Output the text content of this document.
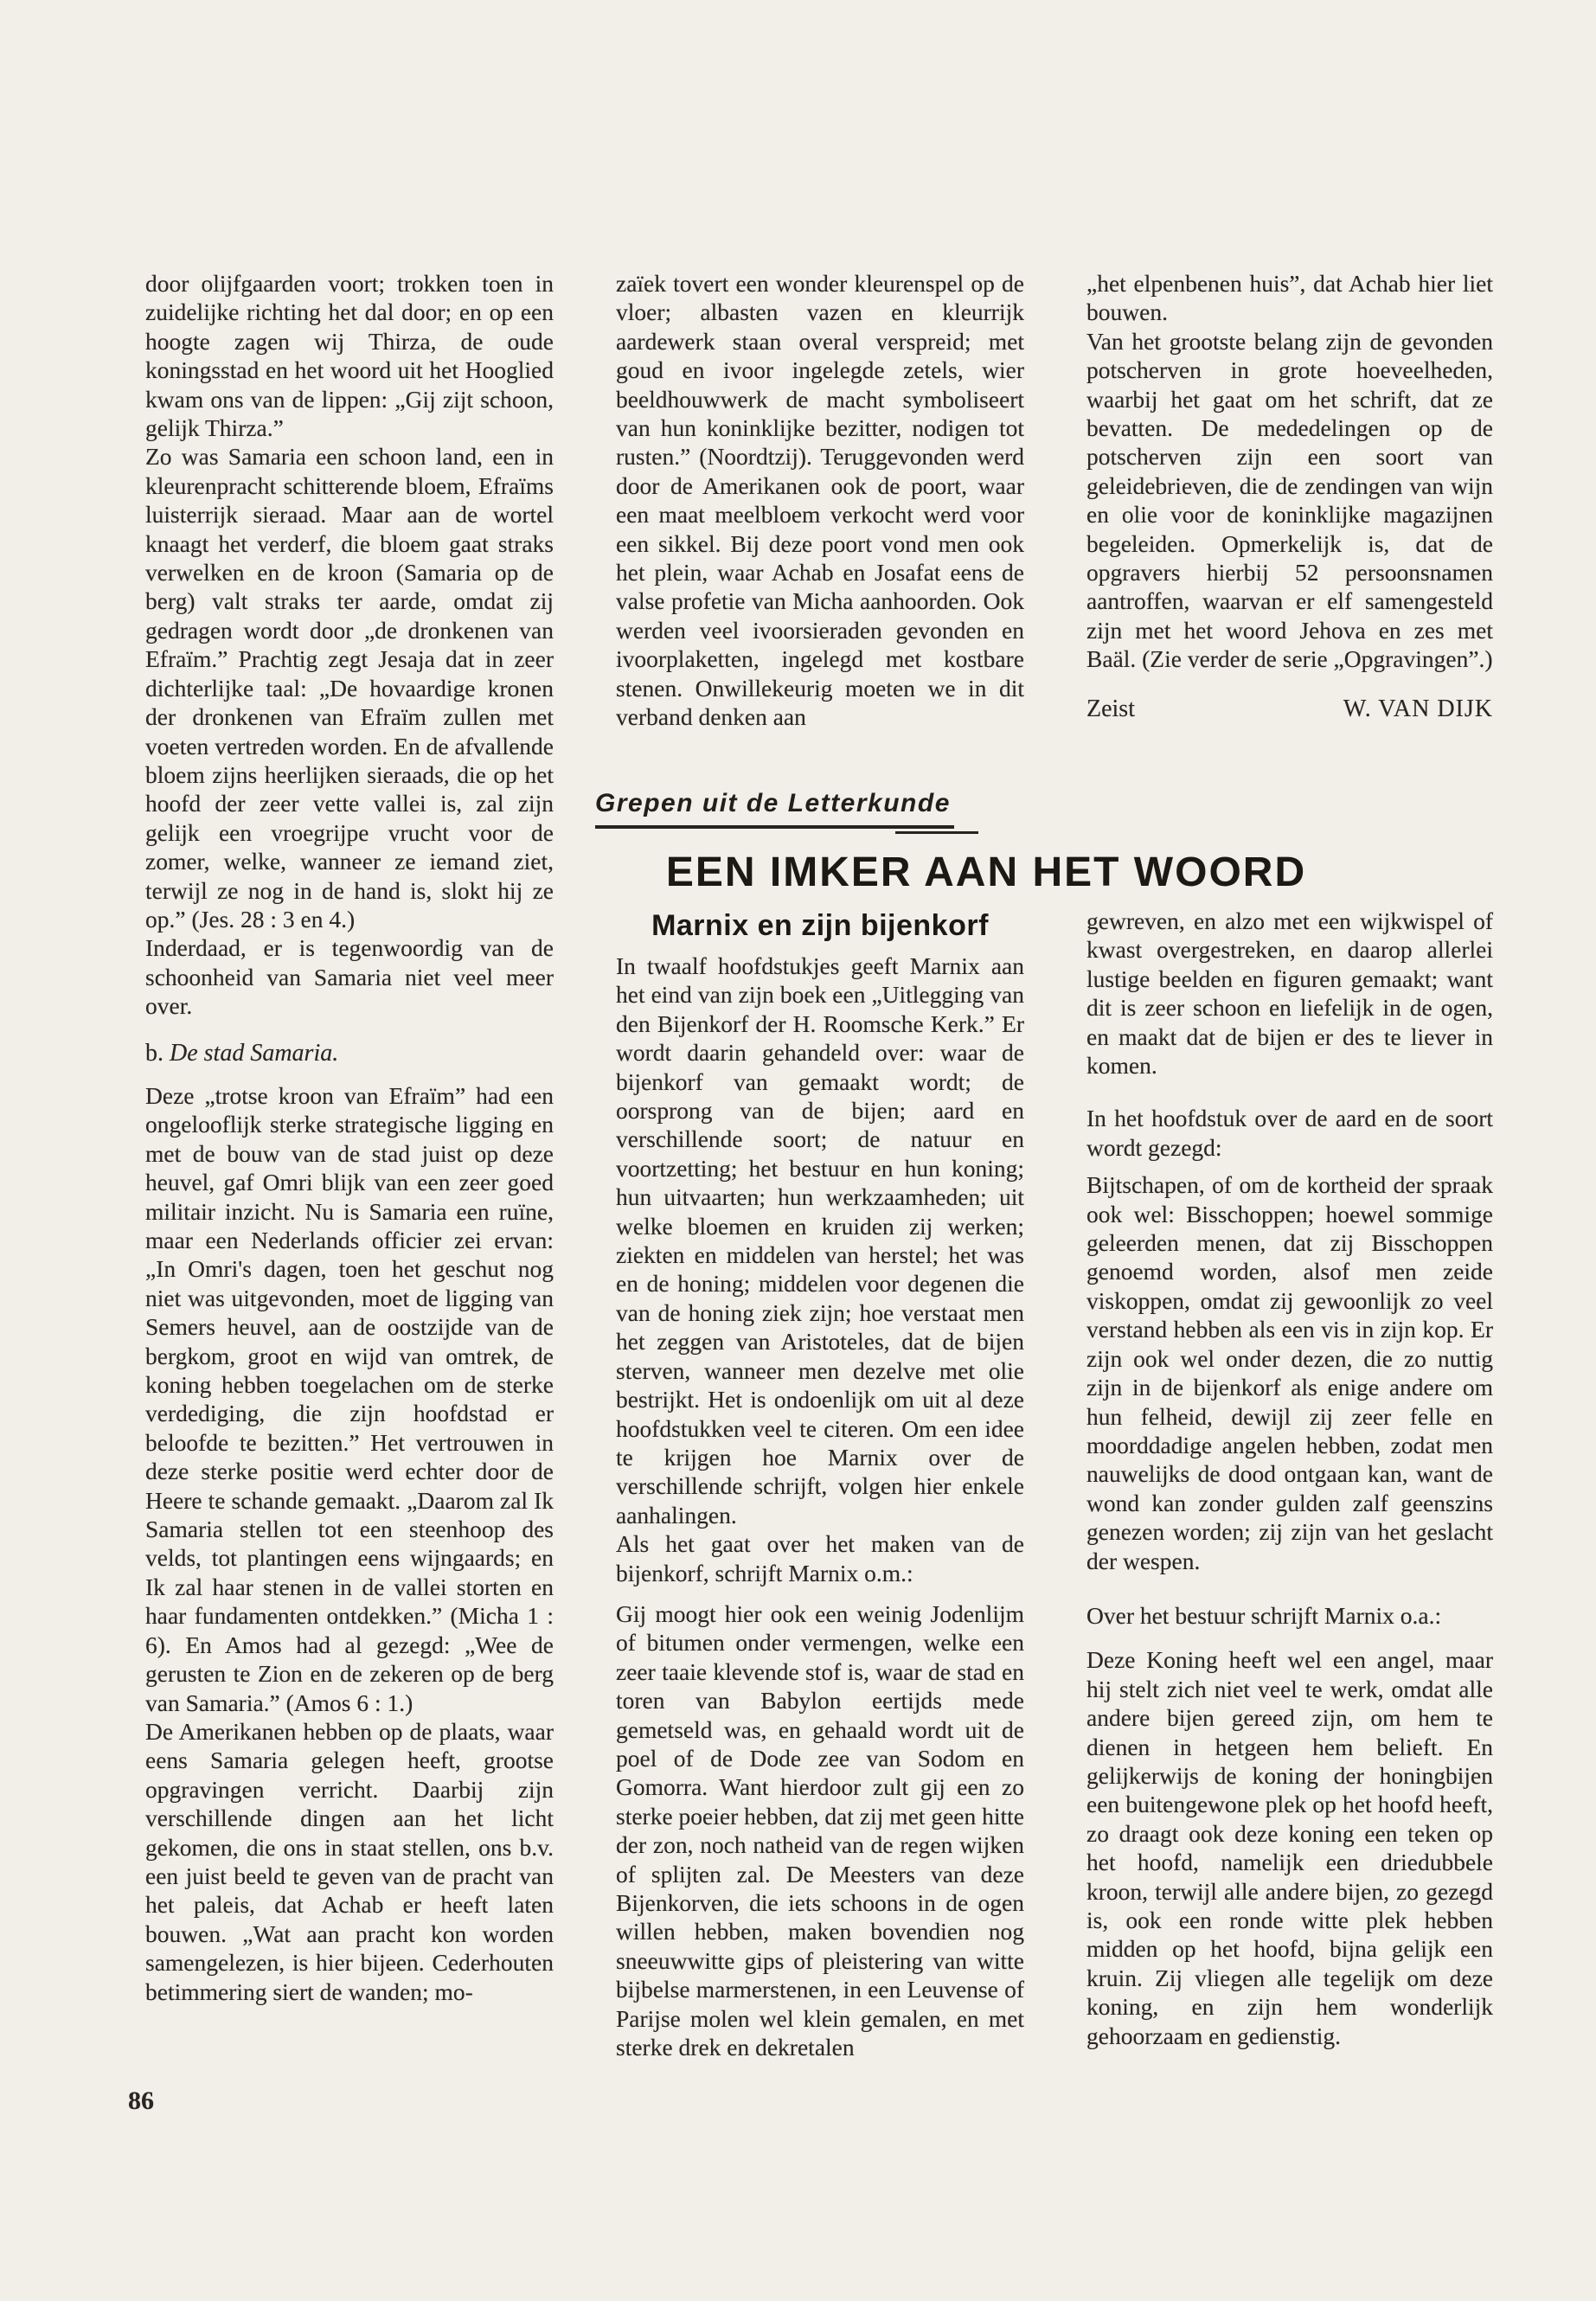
door olijfgaarden voort; trokken toen in zuidelijke richting het dal door; en op een hoogte zagen wij Thirza, de oude koningsstad en het woord uit het Hooglied kwam ons van de lippen: „Gij zijt schoon, gelijk Thirza.”

Zo was Samaria een schoon land, een in kleurenpracht schitterende bloem, Efraïms luisterrijk sieraad. Maar aan de wortel knaagt het verderf, die bloem gaat straks verwelken en de kroon (Samaria op de berg) valt straks ter aarde, omdat zij gedragen wordt door „de dronkenen van Efraïm.” Prachtig zegt Jesaja dat in zeer dichterlijke taal: „De hovaardige kronen der dronkenen van Efraïm zullen met voeten vertreden worden. En de afvallende bloem zijns heerlijken sieraads, die op het hoofd der zeer vette vallei is, zal zijn gelijk een vroegrijpe vrucht voor de zomer, welke, wanneer ze iemand ziet, terwijl ze nog in de hand is, slokt hij ze op.” (Jes. 28 : 3 en 4.)

Inderdaad, er is tegenwoordig van de schoonheid van Samaria niet veel meer over.

b. De stad Samaria.

Deze „trotse kroon van Efraïm” had een ongelooflijk sterke strategische ligging en met de bouw van de stad juist op deze heuvel, gaf Omri blijk van een zeer goed militair inzicht. Nu is Samaria een ruïne, maar een Nederlands officier zei ervan: „In Omri's dagen, toen het geschut nog niet was uitgevonden, moet de ligging van Semers heuvel, aan de oostzijde van de bergkom, groot en wijd van omtrek, de koning hebben toegelachen om de sterke verdediging, die zijn hoofdstad er beloofde te bezitten.” Het vertrouwen in deze sterke positie werd echter door de Heere te schande gemaakt. „Daarom zal Ik Samaria stellen tot een steenhoop des velds, tot plantingen eens wijngaards; en Ik zal haar stenen in de vallei storten en haar fundamenten ontdekken.” (Micha 1 : 6). En Amos had al gezegd: „Wee de gerusten te Zion en de zekeren op de berg van Samaria.” (Amos 6 : 1.)

De Amerikanen hebben op de plaats, waar eens Samaria gelegen heeft, grootse opgravingen verricht. Daarbij zijn verschillende dingen aan het licht gekomen, die ons in staat stellen, ons b.v. een juist beeld te geven van de pracht van het paleis, dat Achab er heeft laten bouwen. „Wat aan pracht kon worden samengelezen, is hier bijeen. Cederhouten betimmering siert de wanden; mo-

zaïek tovert een wonder kleurenspel op de vloer; albasten vazen en kleurrijk aardewerk staan overal verspreid; met goud en ivoor ingelegde zetels, wier beeldhouwwerk de macht symboliseert van hun koninklijke bezitter, nodigen tot rusten.” (Noordtzij). Teruggevonden werd door de Amerikanen ook de poort, waar een maat meelbloem verkocht werd voor een sikkel. Bij deze poort vond men ook het plein, waar Achab en Josafat eens de valse profetie van Micha aanhoorden. Ook werden veel ivoorsieraden gevonden en ivoorplaketten, ingelegd met kostbare stenen. Onwillekeurig moeten we in dit verband denken aan

„het elpenbenen huis”, dat Achab hier liet bouwen.

Van het grootste belang zijn de gevonden potscherven in grote hoeveelheden, waarbij het gaat om het schrift, dat ze bevatten. De mededelingen op de potscherven zijn een soort van geleidebrieven, die de zendingen van wijn en olie voor de koninklijke magazijnen begeleiden. Opmerkelijk is, dat de opgravers hierbij 52 persoonsnamen aantroffen, waarvan er elf samengesteld zijn met het woord Jehova en zes met Baäl. (Zie verder de serie „Opgravingen”.)

Zeist	W. VAN DIJK
Grepen uit de Letterkunde
EEN IMKER AAN HET WOORD
Marnix en zijn bijenkorf

In twaalf hoofdstukjes geeft Marnix aan het eind van zijn boek een „Uitlegging van den Bijenkorf der H. Roomsche Kerk.” Er wordt daarin gehandeld over: waar de bijenkorf van gemaakt wordt; de oorsprong van de bijen; aard en verschillende soort; de natuur en voortzetting; het bestuur en hun koning; hun uitvaarten; hun werkzaamheden; uit welke bloemen en kruiden zij werken; ziekten en middelen van herstel; het was en de honing; middelen voor degenen die van de honing ziek zijn; hoe verstaat men het zeggen van Aristoteles, dat de bijen sterven, wanneer men dezelve met olie bestrijkt. Het is ondoenlijk om uit al deze hoofdstukken veel te citeren. Om een idee te krijgen hoe Marnix over de verschillende schrijft, volgen hier enkele aanhalingen.

Als het gaat over het maken van de bijenkorf, schrijft Marnix o.m.:

Gij moogt hier ook een weinig Jodenlijm of bitumen onder vermengen, welke een zeer taaie klevende stof is, waar de stad en toren van Babylon eertijds mede gemetseld was, en gehaald wordt uit de poel of de Dode zee van Sodom en Gomorra. Want hierdoor zult gij een zo sterke poeier hebben, dat zij met geen hitte der zon, noch natheid van de regen wijken of splijten zal. De Meesters van deze Bijenkorven, die iets schoons in de ogen willen hebben, maken bovendien nog sneeuwwitte gips of pleistering van witte bijbelse marmerstenen, in een Leuvense of Parijse molen wel klein gemalen, en met sterke drek en dekretalen

gewreven, en alzo met een wijkwispel of kwast overgestreken, en daarop allerlei lustige beelden en figuren gemaakt; want dit is zeer schoon en liefelijk in de ogen, en maakt dat de bijen er des te liever in komen.

In het hoofdstuk over de aard en de soort wordt gezegd:

Bijtschapen, of om de kortheid der spraak ook wel: Bisschoppen; hoewel sommige geleerden menen, dat zij Bisschoppen genoemd worden, alsof men zeide viskoppen, omdat zij gewoonlijk zo veel verstand hebben als een vis in zijn kop. Er zijn ook wel onder dezen, die zo nuttig zijn in de bijenkorf als enige andere om hun felheid, dewijl zij zeer felle en moorddadige angelen hebben, zodat men nauwelijks de dood ontgaan kan, want de wond kan zonder gulden zalf geenszins genezen worden; zij zijn van het geslacht der wespen.

Over het bestuur schrijft Marnix o.a.:

Deze Koning heeft wel een angel, maar hij stelt zich niet veel te werk, omdat alle andere bijen gereed zijn, om hem te dienen in hetgeen hem belieft. En gelijkerwijs de koning der honingbijen een buitengewone plek op het hoofd heeft, zo draagt ook deze koning een teken op het hoofd, namelijk een driedubbele kroon, terwijl alle andere bijen, zo gezegd is, ook een ronde witte plek hebben midden op het hoofd, bijna gelijk een kruin. Zij vliegen alle tegelijk om deze koning, en zijn hem wonderlijk gehoorzaam en gedienstig.

86
